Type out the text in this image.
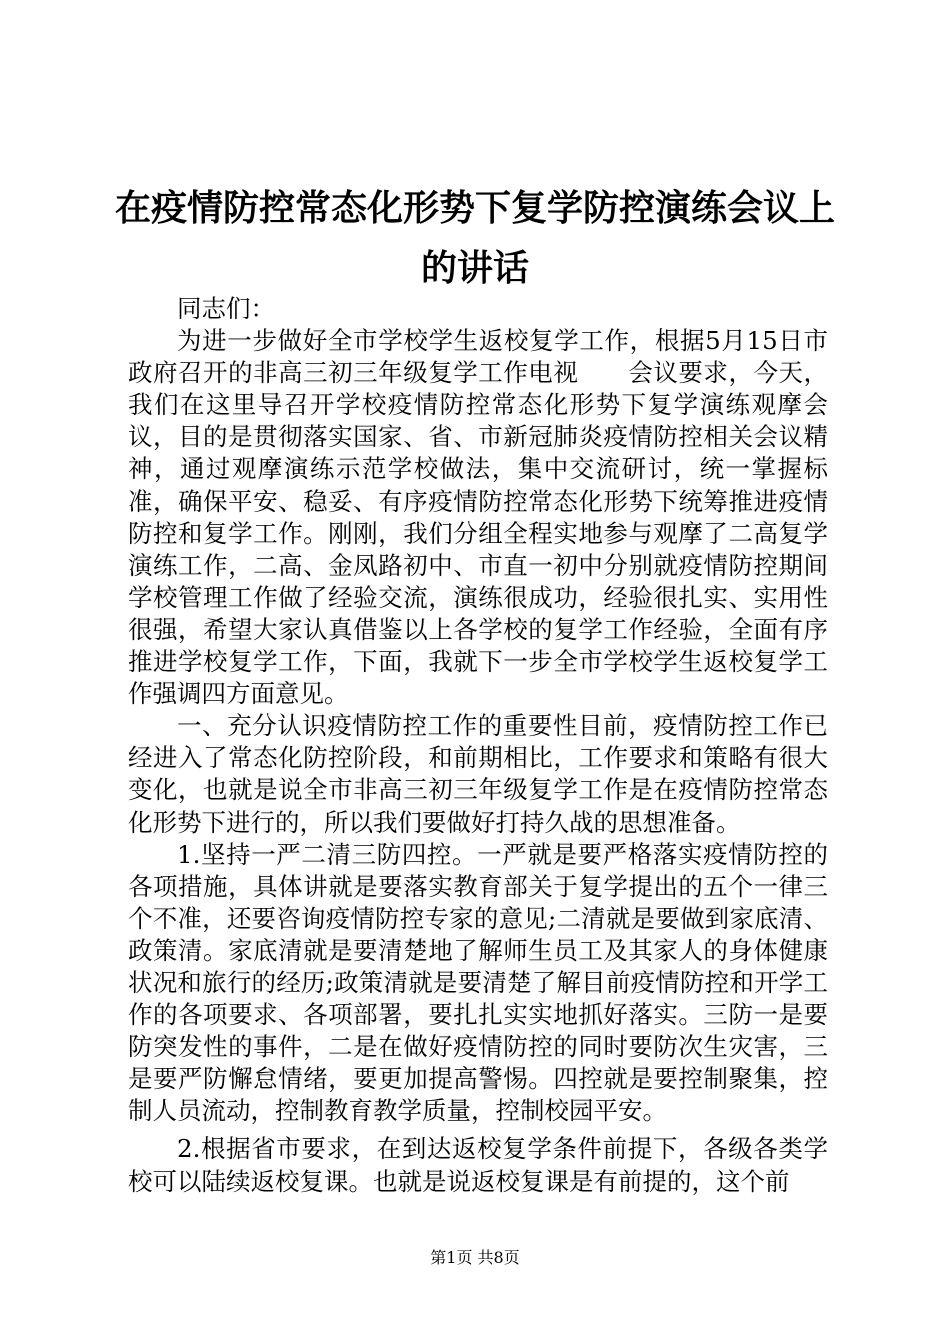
在疫情防控常态化形势下复学防控演练会议上的讲话

同志们：

为进一步做好全市学校学生返校复学工作，根据5月15日市政府召开的非高三初三年级复学工作电视　　会议要求，今天，我们在这里导召开学校疫情防控常态化形势下复学演练观摩会议，目的是贯彻落实国家、省、市新冠肺炎疫情防控相关会议精神，通过观摩演练示范学校做法，集中交流研讨，统一掌握标准，确保平安、稳妥、有序疫情防控常态化形势下统筹推进疫情防控和复学工作。刚刚，我们分组全程实地参与观摩了二高复学演练工作，二高、金凤路初中、市直一初中分别就疫情防控期间学校管理工作做了经验交流，演练很成功，经验很扎实、实用性很强，希望大家认真借鉴以上各学校的复学工作经验，全面有序推进学校复学工作，下面，我就下一步全市学校学生返校复学工作强调四方面意见。

一、充分认识疫情防控工作的重要性目前，疫情防控工作已经进入了常态化防控阶段，和前期相比，工作要求和策略有很大变化，也就是说全市非高三初三年级复学工作是在疫情防控常态化形势下进行的，所以我们要做好打持久战的思想准备。

1.坚持一严二清三防四控。一严就是要严格落实疫情防控的各项措施，具体讲就是要落实教育部关于复学提出的五个一律三个不准，还要咨询疫情防控专家的意见;二清就是要做到家底清、政策清。家底清就是要清楚地了解师生员工及其家人的身体健康状况和旅行的经历;政策清就是要清楚了解目前疫情防控和开学工作的各项要求、各项部署，要扎扎实实地抓好落实。三防一是要防突发性的事件，二是在做好疫情防控的同时要防次生灾害，三是要严防懈怠情绪，要更加提高警惕。四控就是要控制聚集，控制人员流动，控制教育教学质量，控制校园平安。

2.根据省市要求，在到达返校复学条件前提下，各级各类学校可以陆续返校复课。也就是说返校复课是有前提的，这个前

第1页 共8页
